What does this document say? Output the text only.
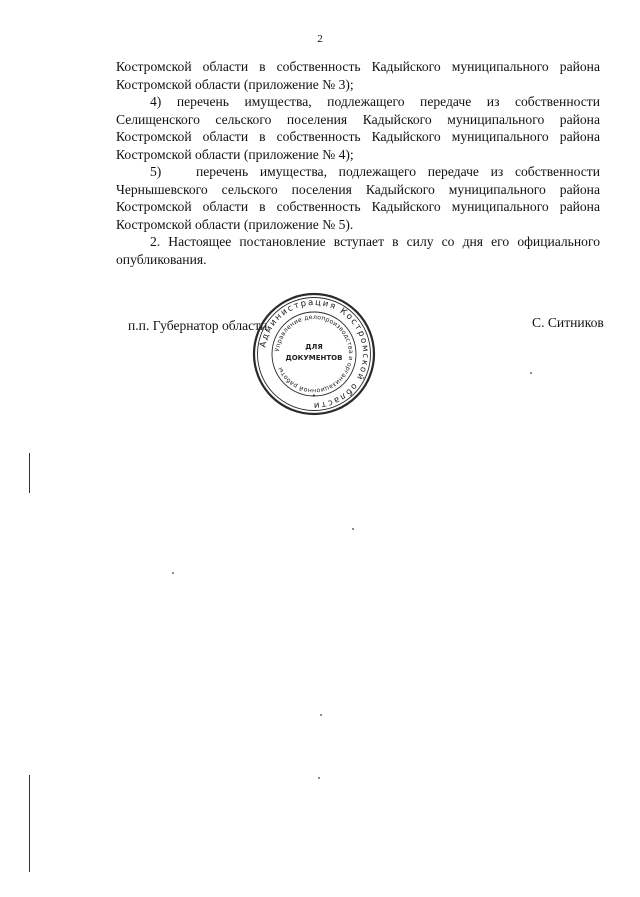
2

Костромской области в собственность Кадыйского муниципального района Костромской области (приложение № 3);

4) перечень имущества, подлежащего передаче из собственности Селищенского сельского поселения Кадыйского муниципального района Костромской области в собственность Кадыйского муниципального района Костромской области (приложение № 4);

5)	перечень имущества, подлежащего передаче из собственности Чернышевского сельского поселения Кадыйского муниципального района Костромской области в собственность Кадыйского муниципального района Костромской области (приложение № 5).

2. Настоящее постановление вступает в силу со дня его официального опубликования.

п.п. Губернатор области	С. Ситников
Администрация Костромской области
Управление делопроизводства и организационной работы
ДЛЯ
ДОКУМЕНТОВ
•
